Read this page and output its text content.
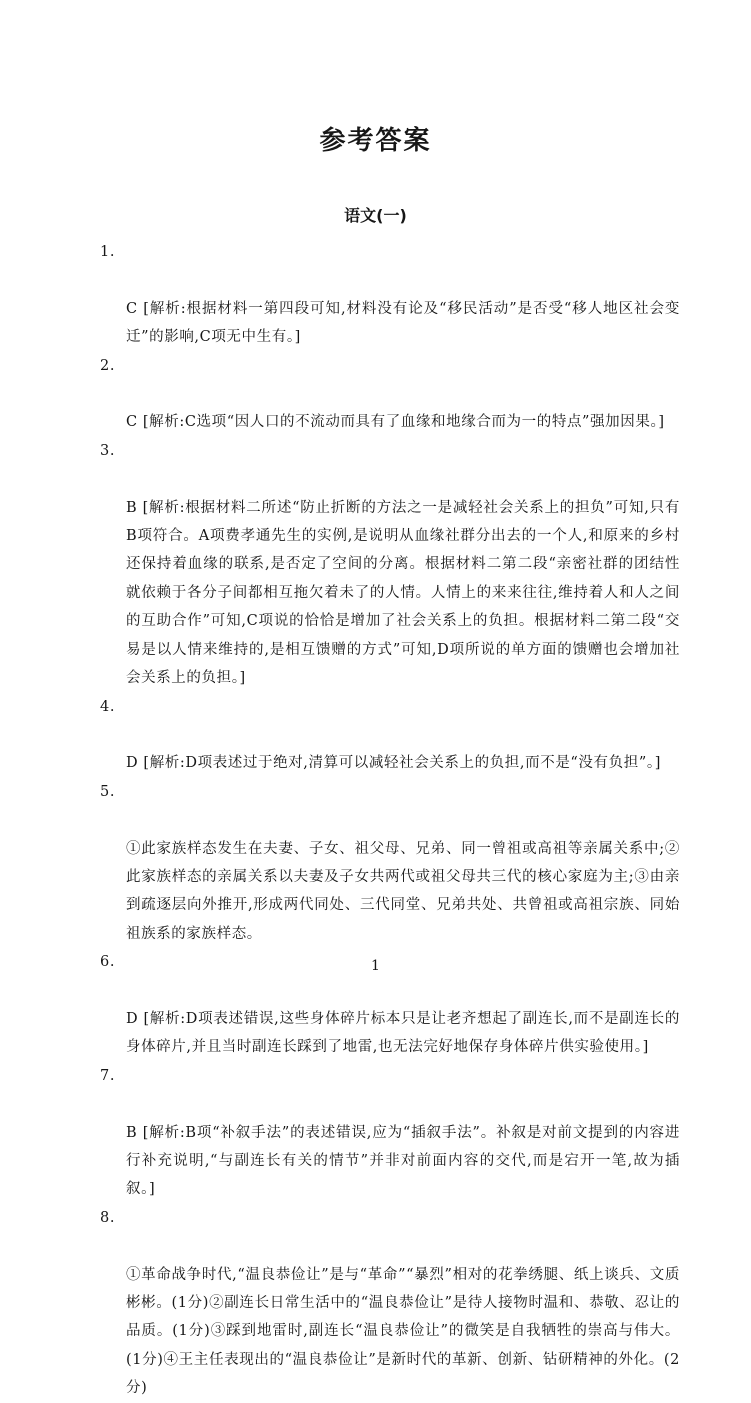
参考答案
语文(一)

1.

C [解析:根据材料一第四段可知,材料没有论及“移民活动”是否受“移人地区社会变迁”的影响,C项无中生有。]

2.

C [解析:C选项“因人口的不流动而具有了血缘和地缘合而为一的特点”强加因果。]

3.

B [解析:根据材料二所述“防止折断的方法之一是减轻社会关系上的担负”可知,只有B项符合。A项费孝通先生的实例,是说明从血缘社群分出去的一个人,和原来的乡村还保持着血缘的联系,是否定了空间的分离。根据材料二第二段“亲密社群的团结性就依赖于各分子间都相互拖欠着未了的人情。人情上的来来往往,维持着人和人之间的互助合作”可知,C项说的恰恰是增加了社会关系上的负担。根据材料二第二段“交易是以人情来维持的,是相互馈赠的方式”可知,D项所说的单方面的馈赠也会增加社会关系上的负担。]

4.

D [解析:D项表述过于绝对,清算可以减轻社会关系上的负担,而不是“没有负担”。]

5.

①此家族样态发生在夫妻、子女、祖父母、兄弟、同一曾祖或高祖等亲属关系中;②此家族样态的亲属关系以夫妻及子女共两代或祖父母共三代的核心家庭为主;③由亲到疏逐层向外推开,形成两代同处、三代同堂、兄弟共处、共曾祖或高祖宗族、同始祖族系的家族样态。

6.

D [解析:D项表述错误,这些身体碎片标本只是让老齐想起了副连长,而不是副连长的身体碎片,并且当时副连长踩到了地雷,也无法完好地保存身体碎片供实验使用。]

7.

B [解析:B项“补叙手法”的表述错误,应为“插叙手法”。补叙是对前文提到的内容进行补充说明,“与副连长有关的情节”并非对前面内容的交代,而是宕开一笔,故为插叙。]

8.

①革命战争时代,“温良恭俭让”是与“革命”“暴烈”相对的花拳绣腿、纸上谈兵、文质彬彬。(1分)②副连长日常生活中的“温良恭俭让”是待人接物时温和、恭敬、忍让的品质。(1分)③踩到地雷时,副连长“温良恭俭让”的微笑是自我牺牲的崇高与伟大。(1分)④王主任表现出的“温良恭俭让”是新时代的革新、创新、钻研精神的外化。(2分)

1
